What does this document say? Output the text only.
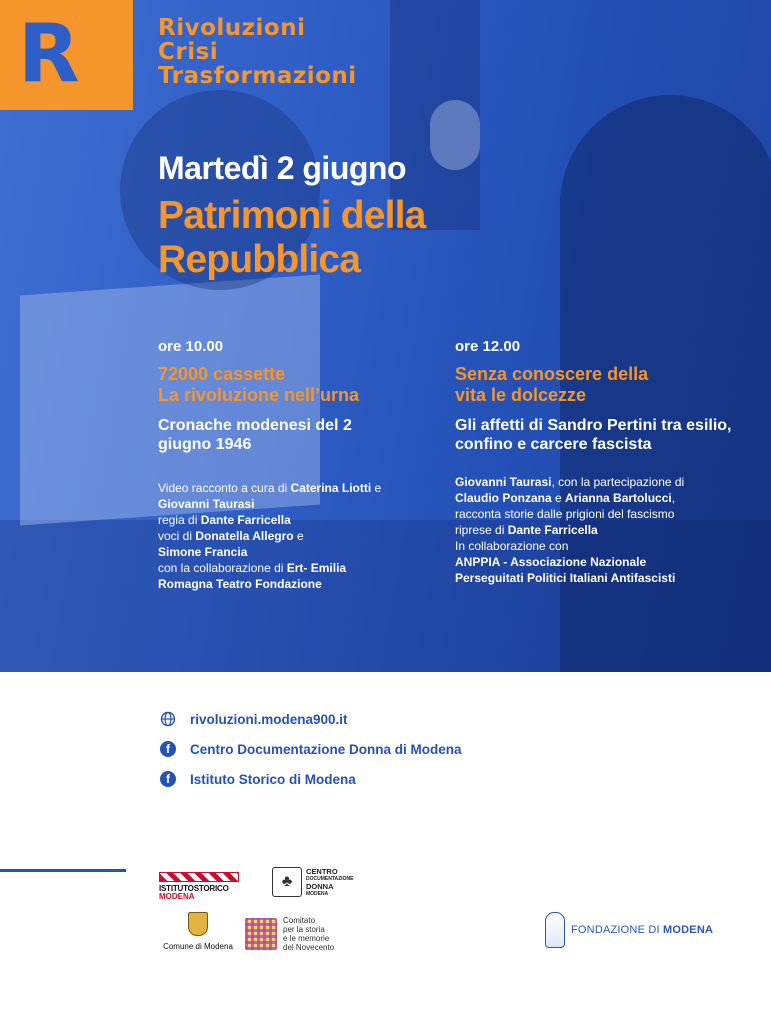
R	Rivoluzioni
Crisi
Trasformazioni
Martedì 2 giugno
Patrimoni della Repubblica
ore 10.00
72000 cassette
La rivoluzione nell’urna
Cronache modenesi del 2 giugno 1946

Video racconto a cura di Caterina Liotti e

Giovanni Taurasi

regia di Dante Farricella

voci di Donatella Allegro e

Simone Francia

con la collaborazione di Ert- Emilia

Romagna Teatro Fondazione

ore 12.00
Senza conoscere della
vita le dolcezze
Gli affetti di Sandro Pertini tra esilio, confino e carcere fascista

Giovanni Taurasi, con la partecipazione di

Claudio Ponzana e Arianna Bartolucci,

racconta storie dalle prigioni del fascismo

riprese di Dante Farricella

In collaborazione con

ANPPIA - Associazione Nazionale

Perseguitati Politici Italiani Antifascisti

rivoluzioni.modena900.it
f	Centro Documentazione Donna di Modena
f	Istituto Storico di Modena
ISTITUTOSTORICO
MODENA
♣
CENTRO
DOCUMENTAZIONE
DONNA
MODENA
Comune di Modena
Comitato
per la storia
e le memorie
del Novecento
FONDAZIONE DI MODENA
